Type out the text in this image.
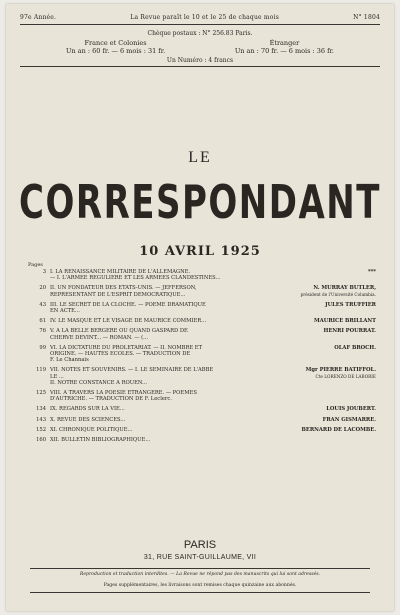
97e Année.	La Revue paraît le 10 et le 25 de chaque mois	N° 1804
Chèque postaux : N° 256.83 Paris.
France et Colonies
Un an : 60 fr. — 6 mois : 31 fr.
Étranger
Un an : 70 fr. — 6 mois : 36 fr.
Un Numéro : 4 francs
LE
CORRESPONDANT
10 AVRIL 1925
Pages
3 I. LA RENAISSANCE MILITAIRE DE L'ALLEMAGNE.
— I. L'ARMÉE RÉGULIÈRE ET LES ARMÉES CLANDESTINES...
***
20 II. UN FONDATEUR DES ÉTATS-UNIS. — JEFFERSON,
REPRÉSENTANT DE L'ESPRIT DÉMOCRATIQUE...
N. MURRAY BUTLER,
président de l'Université Columbia.
43 III. LE SECRET DE LA CLOCHE. — POÈME DRAMATIQUE
EN ACTE...
JULES TRUFFIER
61 IV. LE MASQUE ET LE VISAGE DE MAURICE COMMIER...	MAURICE BRILLANT
76 V. A LA BELLE BERGÈRE OU QUAND GASPARD DE
CHERVE DEVINT... — ROMAN. — (...
HENRI POURRAT.
99 VI. LA DICTATURE DU PROLÉTARIAT. — II. NOMBRE ET
ORIGINE. — HAUTES ÉCOLES. — TRADUCTION DE
F. Le Channais
OLAF BROCH.
119 VII. NOTES ET SOUVENIRS. — I. LE SÉMINAIRE DE L'ABBÉ
LE ...
II. NOTRE CONSTANCE À ROUEN...
Mgr PIERRE BATIFFOL.
Cte LORENZO DE LABORIE
125 VIII. A TRAVERS LA POÉSIE ÉTRANGÈRE. — POÈMES
D'AUTRICHE. — TRADUCTION DE F. Leclerc.
134 IX. REGARDS SUR LA VIE...	LOUIS JOUBERT.
143 X. REVUE DES SCIENCES...	FRAN GISMARRE.
152 XI. CHRONIQUE POLITIQUE...	BERNARD DE LACOMBE.
160 XII. BULLETIN BIBLIOGRAPHIQUE...
PARIS
31, RUE SAINT-GUILLAUME, VII
Reproduction et traduction interdites. — La Revue ne répond pas des manuscrits qui lui sont adressés.
Pages supplémentaires, les livraisons sont remises chaque quinzaine aux abonnés.
